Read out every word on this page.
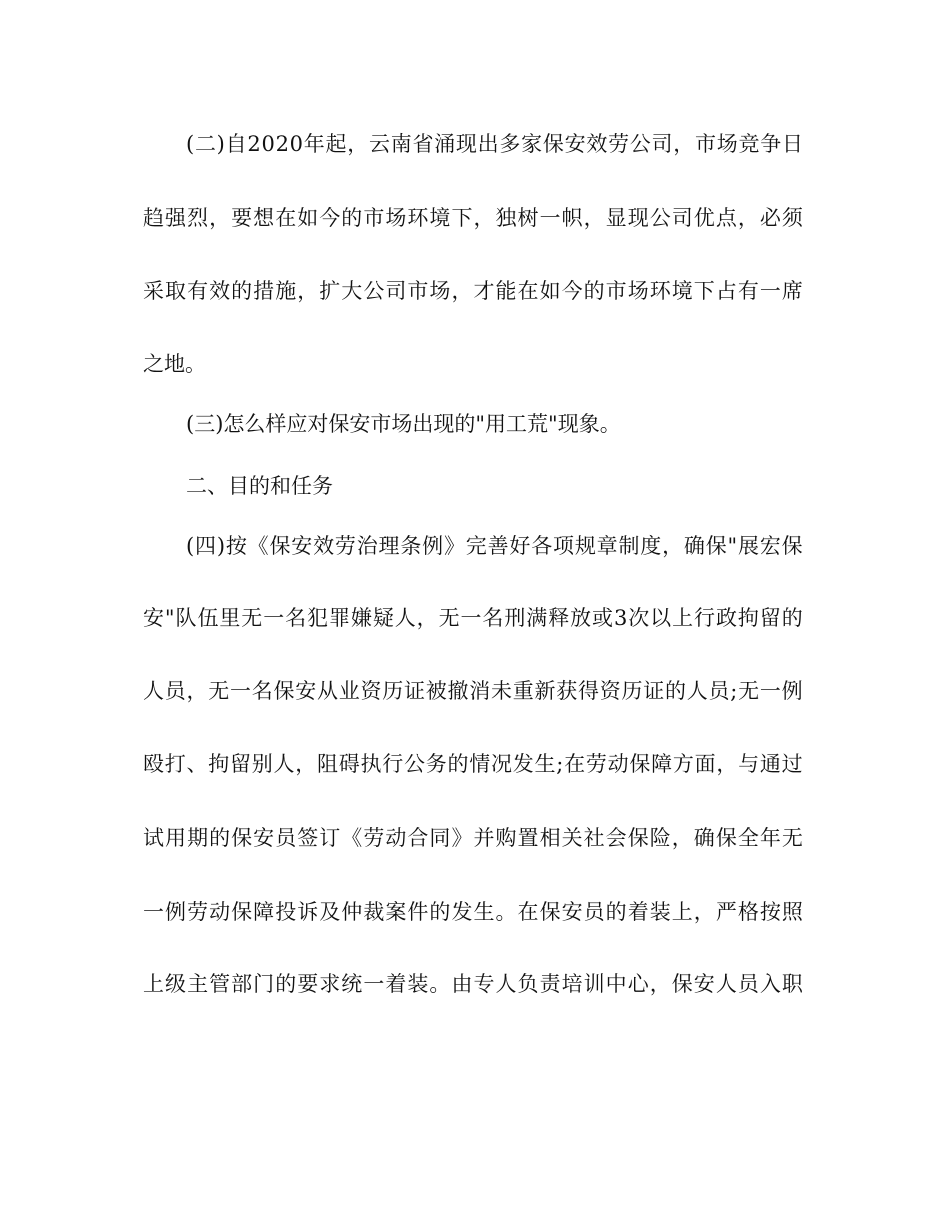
( 二 ) 自 2 0 2 0 年 起 ， 云 南 省 涌 现 出 多 家 保 安 效 劳 公 司 ， 市 场 竞 争 日
趋 强 烈 ， 要 想 在 如 今 的 市 场 环 境 下 ， 独 树 一 帜 ， 显 现 公 司 优 点 ， 必 须
采 取 有 效 的 措 施 ， 扩 大 公 司 市 场 ， 才 能 在 如 今 的 市 场 环 境 下 占 有 一 席
之地。
(三)怎么样应对保安市场出现的"用工荒"现象。
二、目的和任务
( 四 ) 按 《 保 安 效 劳 治 理 条 例 》 完 善 好 各 项 规 章 制 度 ， 确 保 " 展 宏 保
安 " 队 伍 里 无 一 名 犯 罪 嫌 疑 人 ， 无 一 名 刑 满 释 放 或 3 次 以 上 行 政 拘 留 的
人 员 ， 无 一 名 保 安 从 业 资 历 证 被 撤 消 未 重 新 获 得 资 历 证 的 人 员 ; 无 一 例
殴 打 、 拘 留 别 人 ， 阻 碍 执 行 公 务 的 情 况 发 生 ; 在 劳 动 保 障 方 面 ， 与 通 过
试 用 期 的 保 安 员 签 订 《 劳 动 合 同 》 并 购 置 相 关 社 会 保 险 ， 确 保 全 年 无
一 例 劳 动 保 障 投 诉 及 仲 裁 案 件 的 发 生 。 在 保 安 员 的 着 装 上 ， 严 格 按 照
上 级 主 管 部 门 的 要 求 统 一 着 装 。 由 专 人 负 责 培 训 中 心 ， 保 安 人 员 入 职
